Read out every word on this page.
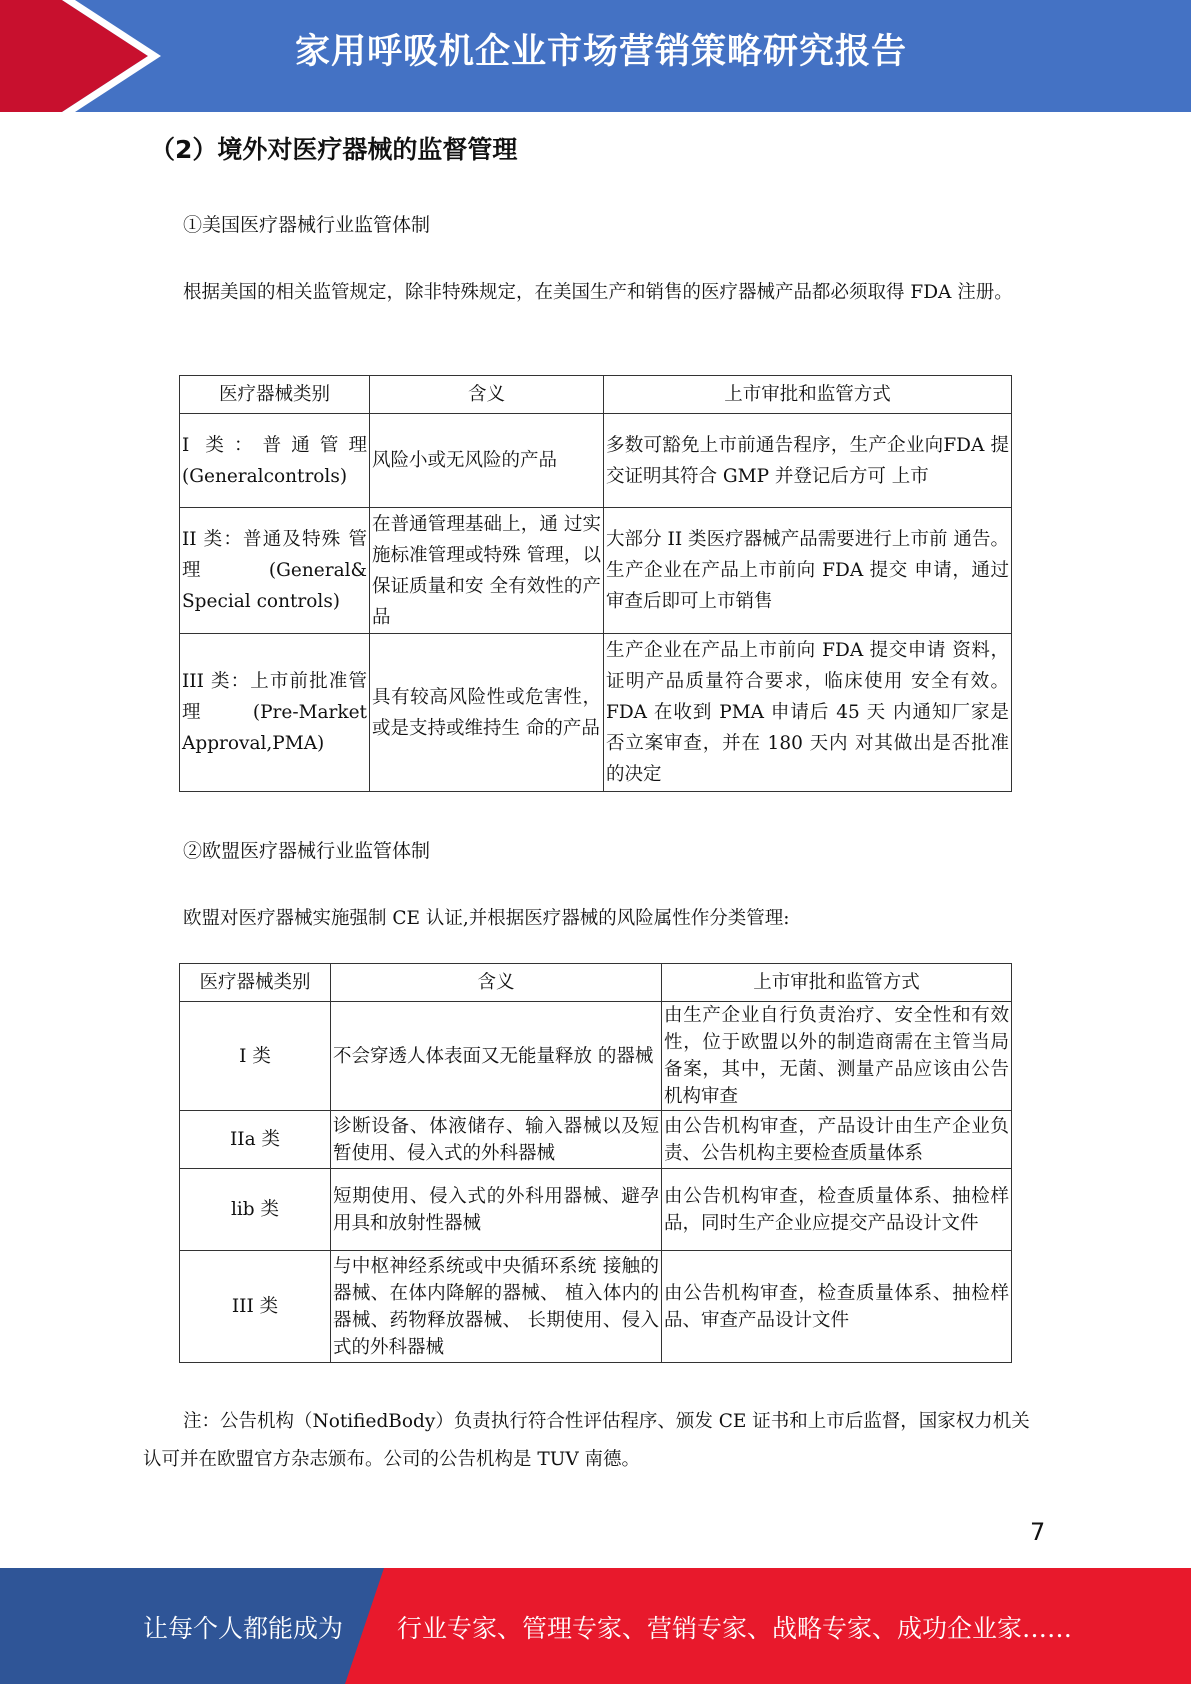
家用呼吸机企业市场营销策略研究报告
（2）境外对医疗器械的监督管理
①美国医疗器械行业监管体制
根据美国的相关监管规定，除非特殊规定，在美国生产和销售的医疗器械产品都必须取得 FDA 注册。
医疗器械类别	含义	上市审批和监管方式
I 类：普通管理(Generalcontrols)	风险小或无风险的产品	多数可豁免上市前通告程序，生产企业向FDA 提交证明其符合 GMP 并登记后方可 上市
II 类：普通及特殊 管理(General& Special controls)	在普通管理基础上，通 过实施标准管理或特殊 管理，以保证质量和安 全有效性的产品	大部分 II 类医疗器械产品需要进行上市前 通告。生产企业在产品上市前向 FDA 提交 申请，通过审查后即可上市销售
III 类：上市前批准管理(Pre-Market Approval,PMA)	具有较高风险性或危害性，或是支持或维持生 命的产品	生产企业在产品上市前向 FDA 提交申请 资料，证明产品质量符合要求，临床使用 安全有效。FDA 在收到 PMA 申请后 45 天 内通知厂家是否立案审查，并在 180 天内 对其做出是否批准的决定
②欧盟医疗器械行业监管体制
欧盟对医疗器械实施强制 CE 认证,并根据医疗器械的风险属性作分类管理:
医疗器械类别	含义	上市审批和监管方式
I 类	不会穿透人体表面又无能量释放 的器械	由生产企业自行负责治疗、安全性和有效性，位于欧盟以外的制造商需在主管当局备案，其中，无菌、测量产品应该由公告机构审查
IIa 类	诊断设备、体液储存、输入器械以及短暂使用、侵入式的外科器械	由公告机构审查，产品设计由生产企业负责、公告机构主要检查质量体系
lib 类	短期使用、侵入式的外科用器械、避孕用具和放射性器械	由公告机构审查，检查质量体系、抽检样品，同时生产企业应提交产品设计文件
III 类	与中枢神经系统或中央循环系统 接触的器械、在体内降解的器械、 植入体内的器械、药物释放器械、 长期使用、侵入式的外科器械	由公告机构审查，检查质量体系、抽检样品、审查产品设计文件
注：公告机构（NotifiedBody）负责执行符合性评估程序、颁发 CE 证书和上市后监督，国家权力机关认可并在欧盟官方杂志颁布。公司的公告机构是 TUV 南德。
7
让每个人都能成为 行业专家、管理专家、营销专家、战略专家、成功企业家……
